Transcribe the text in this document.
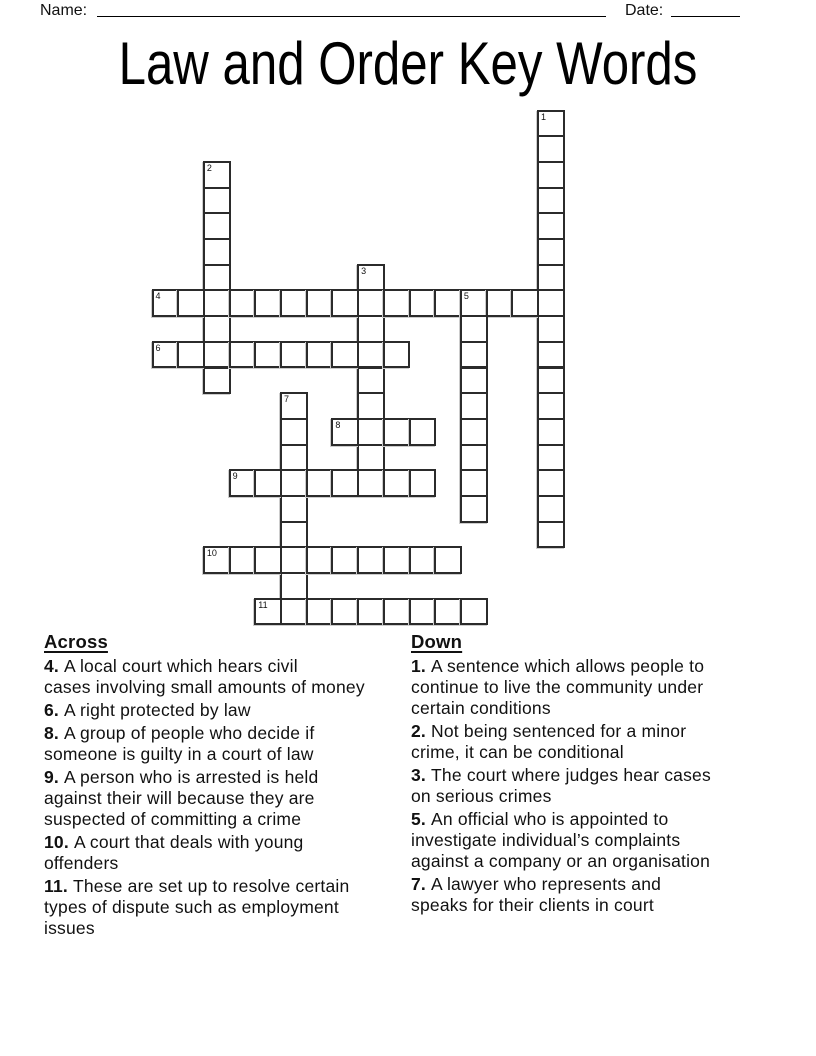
Name:	Date:
Law and Order Key Words
1
2
3
4	5
6
7
8
9
10
11
Across
4. A local court which hears civil
cases involving small amounts of money
6. A right protected by law
8. A group of people who decide if
someone is guilty in a court of law
9. A person who is arrested is held
against their will because they are
suspected of committing a crime
10. A court that deals with young
offenders
11. These are set up to resolve certain
types of dispute such as employment
issues
Down
1. A sentence which allows people to
continue to live the community under
certain conditions
2. Not being sentenced for a minor
crime, it can be conditional
3. The court where judges hear cases
on serious crimes
5. An official who is appointed to
investigate individual’s complaints
against a company or an organisation
7. A lawyer who represents and
speaks for their clients in court
